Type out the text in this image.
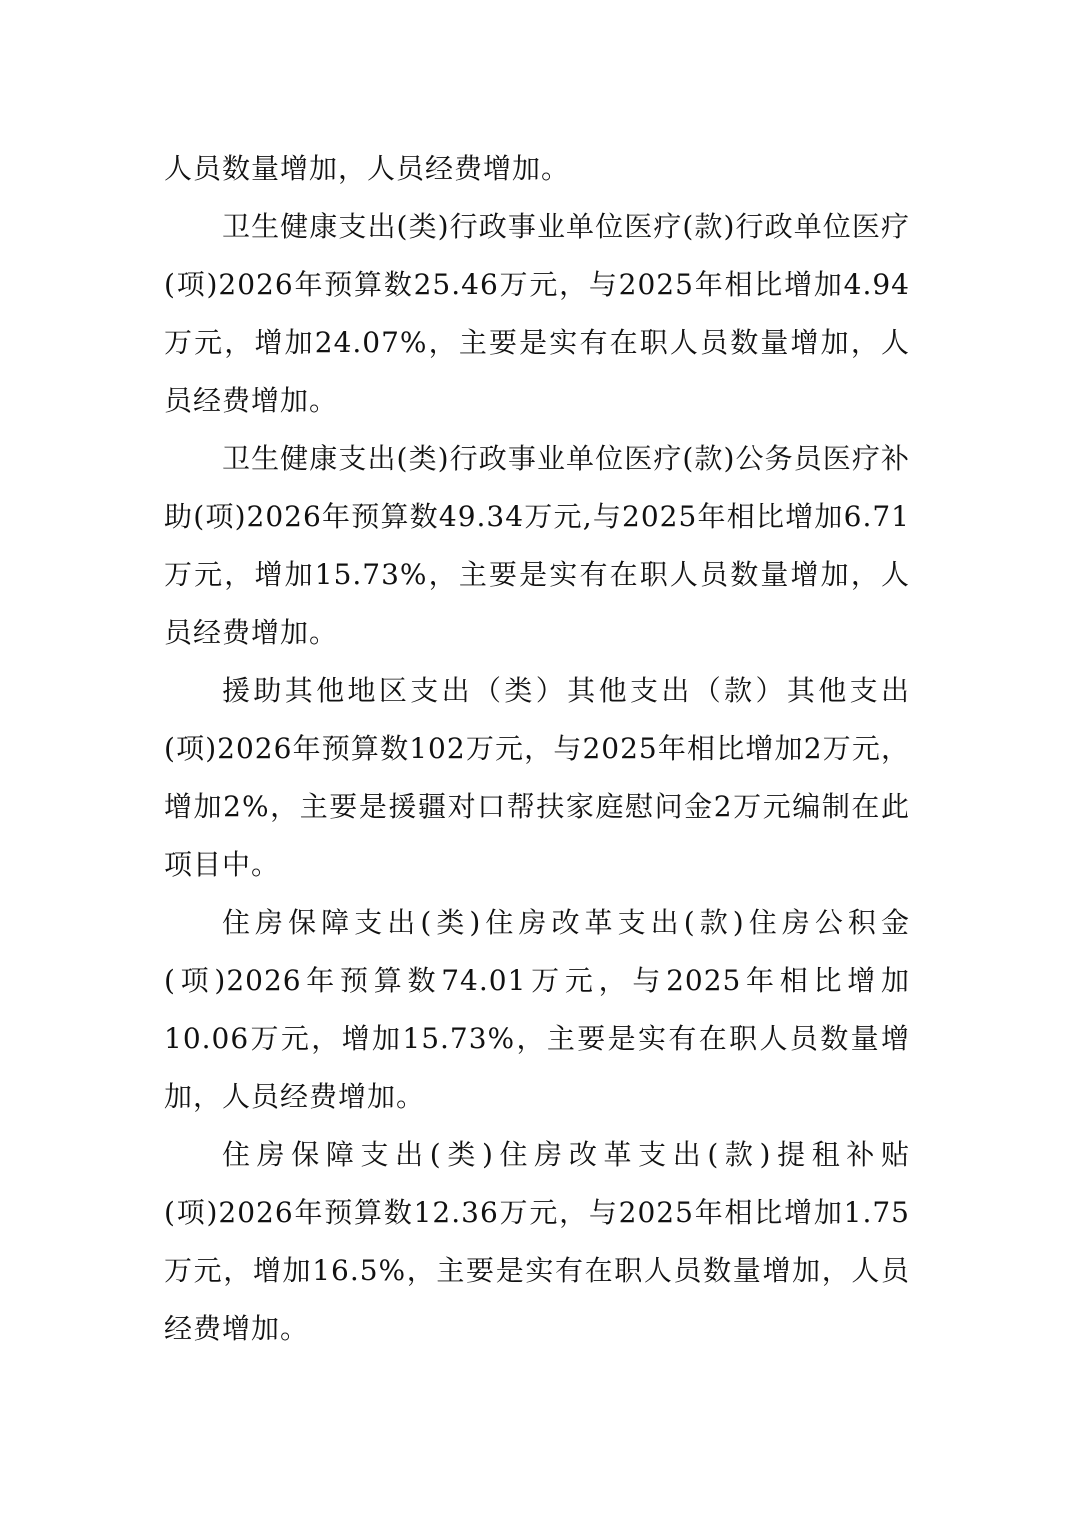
人员数量增加，人员经费增加。

卫生健康支出(类)行政事业单位医疗(款)行政单位医疗(项)2026年预算数25.46万元，与2025年相比增加4.94万元，增加24.07%，主要是实有在职人员数量增加，人员经费增加。

卫生健康支出(类)行政事业单位医疗(款)公务员医疗补助(项)2026年预算数49.34万元,与2025年相比增加6.71万元，增加15.73%，主要是实有在职人员数量增加，人员经费增加。

援助其他地区支出（类）其他支出（款）其他支出(项)2026年预算数102万元，与2025年相比增加2万元，增加2%，主要是援疆对口帮扶家庭慰问金2万元编制在此项目中。

住房保障支出(类)住房改革支出(款)住房公积金(项)2026年预算数74.01万元，与2025年相比增加10.06万元，增加15.73%，主要是实有在职人员数量增加，人员经费增加。

住房保障支出(类)住房改革支出(款)提租补贴(项)2026年预算数12.36万元，与2025年相比增加1.75万元，增加16.5%，主要是实有在职人员数量增加，人员经费增加。
